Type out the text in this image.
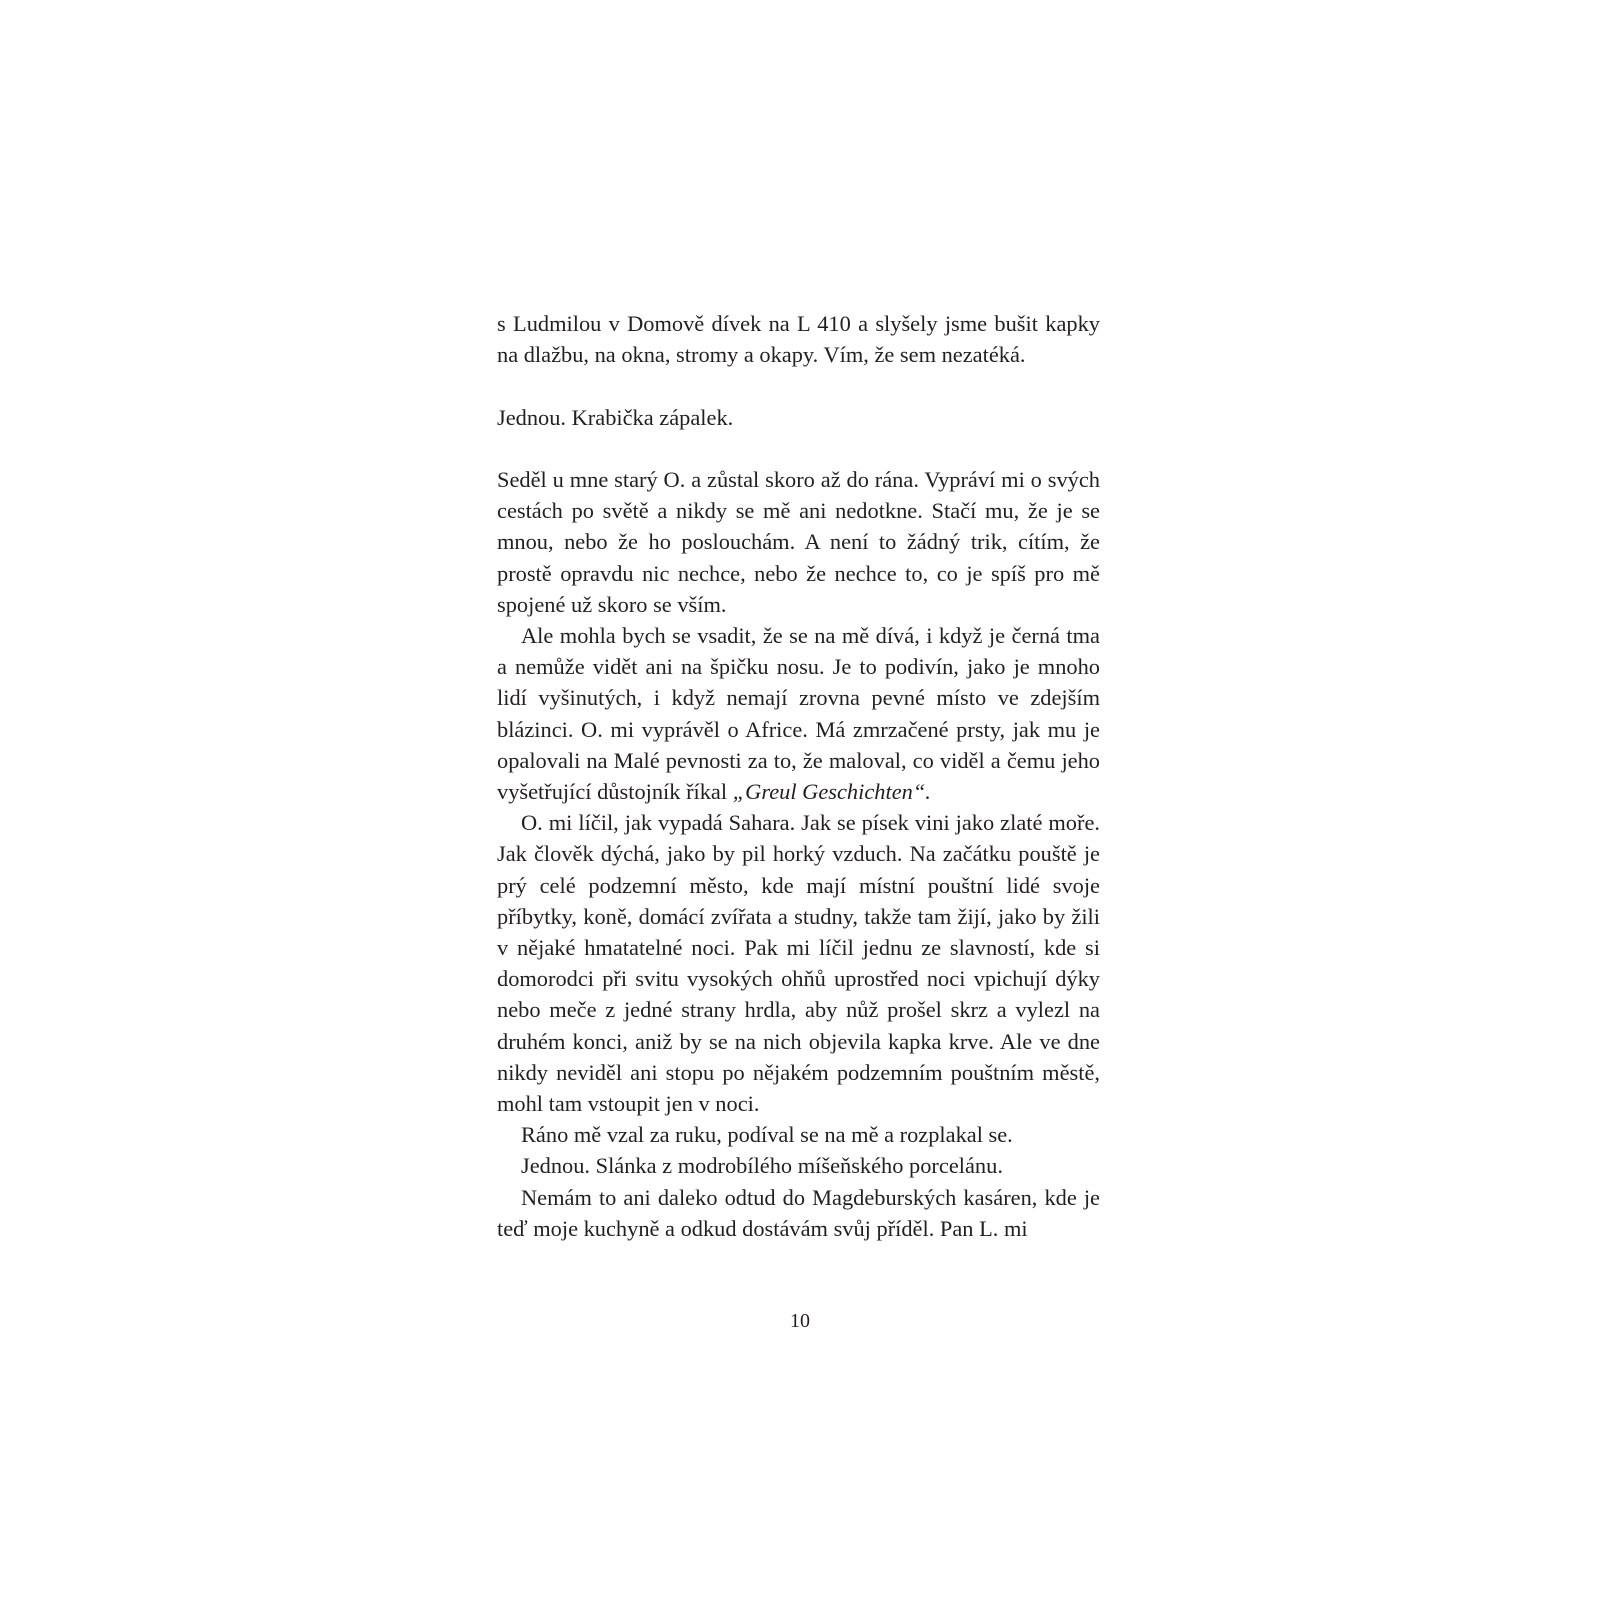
s Ludmilou v Domově dívek na L 410 a slyšely jsme bušit kapky na dlažbu, na okna, stromy a okapy. Vím, že sem nezatéká.

Jednou. Krabička zápalek.

Seděl u mne starý O. a zůstal skoro až do rána. Vypráví mi o svých cestách po světě a nikdy se mě ani nedotkne. Stačí mu, že je se mnou, nebo že ho poslouchám. A není to žádný trik, cítím, že prostě opravdu nic nechce, nebo že nechce to, co je spíš pro mě spojené už skoro se vším.

Ale mohla bych se vsadit, že se na mě dívá, i když je černá tma a nemůže vidět ani na špičku nosu. Je to podivín, jako je mnoho lidí vyšinutých, i když nemají zrovna pevné místo ve zdejším blázinci. O. mi vyprávěl o Africe. Má zmrzačené prsty, jak mu je opalovali na Malé pevnosti za to, že maloval, co viděl a čemu jeho vyšetřující důstojník říkal „Greul Geschichten“.

O. mi líčil, jak vypadá Sahara. Jak se písek vini jako zlaté moře. Jak člověk dýchá, jako by pil horký vzduch. Na začátku pouště je prý celé podzemní město, kde mají místní pouštní lidé svoje příbytky, koně, domácí zvířata a studny, takže tam žijí, jako by žili v nějaké hmatatelné noci. Pak mi líčil jednu ze slavností, kde si domorodci při svitu vysokých ohňů uprostřed noci vpichují dýky nebo meče z jedné strany hrdla, aby nůž prošel skrz a vylezl na druhém konci, aniž by se na nich objevila kapka krve. Ale ve dne nikdy neviděl ani stopu po nějakém podzemním pouštním městě, mohl tam vstoupit jen v noci.

Ráno mě vzal za ruku, podíval se na mě a rozplakal se.

Jednou. Slánka z modrobílého míšeňského porcelánu.

Nemám to ani daleko odtud do Magdeburských kasáren, kde je teď moje kuchyně a odkud dostávám svůj příděl. Pan L. mi

10
